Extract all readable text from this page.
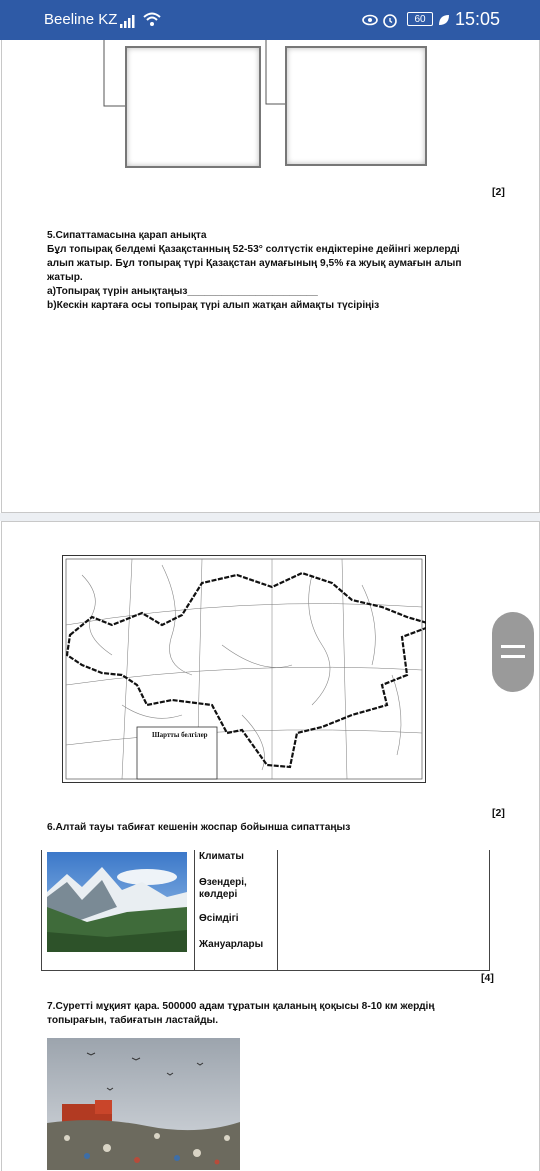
Beeline KZ	60	15:05
[2]
5.Сипаттамасына қарап анықта
Бұл топырақ белдемі Қазақстанның 52-53° солтүстік ендіктеріне дейінгі жерлерді
алып жатыр. Бұл топырақ түрі Қазақстан аумағының 9,5% ға жуық аумағын алып
жатыр.
а)Топырақ түрін анықтаңыз_______________________
b)Кескін картаға осы топырақ түрі алып жатқан аймақты түсіріңіз
Шартты белгілер
[2]
6.Алтай тауы табиғат кешенін жоспар бойынша сипаттаңыз
Климаты
Өзендері,
көлдері
Өсімдігі
Жануарлары
[4]
7.Суретті мұқият қара. 500000 адам тұратын қаланың қоқысы 8-10 км жердің
топырағын, табиғатын ластайды.
